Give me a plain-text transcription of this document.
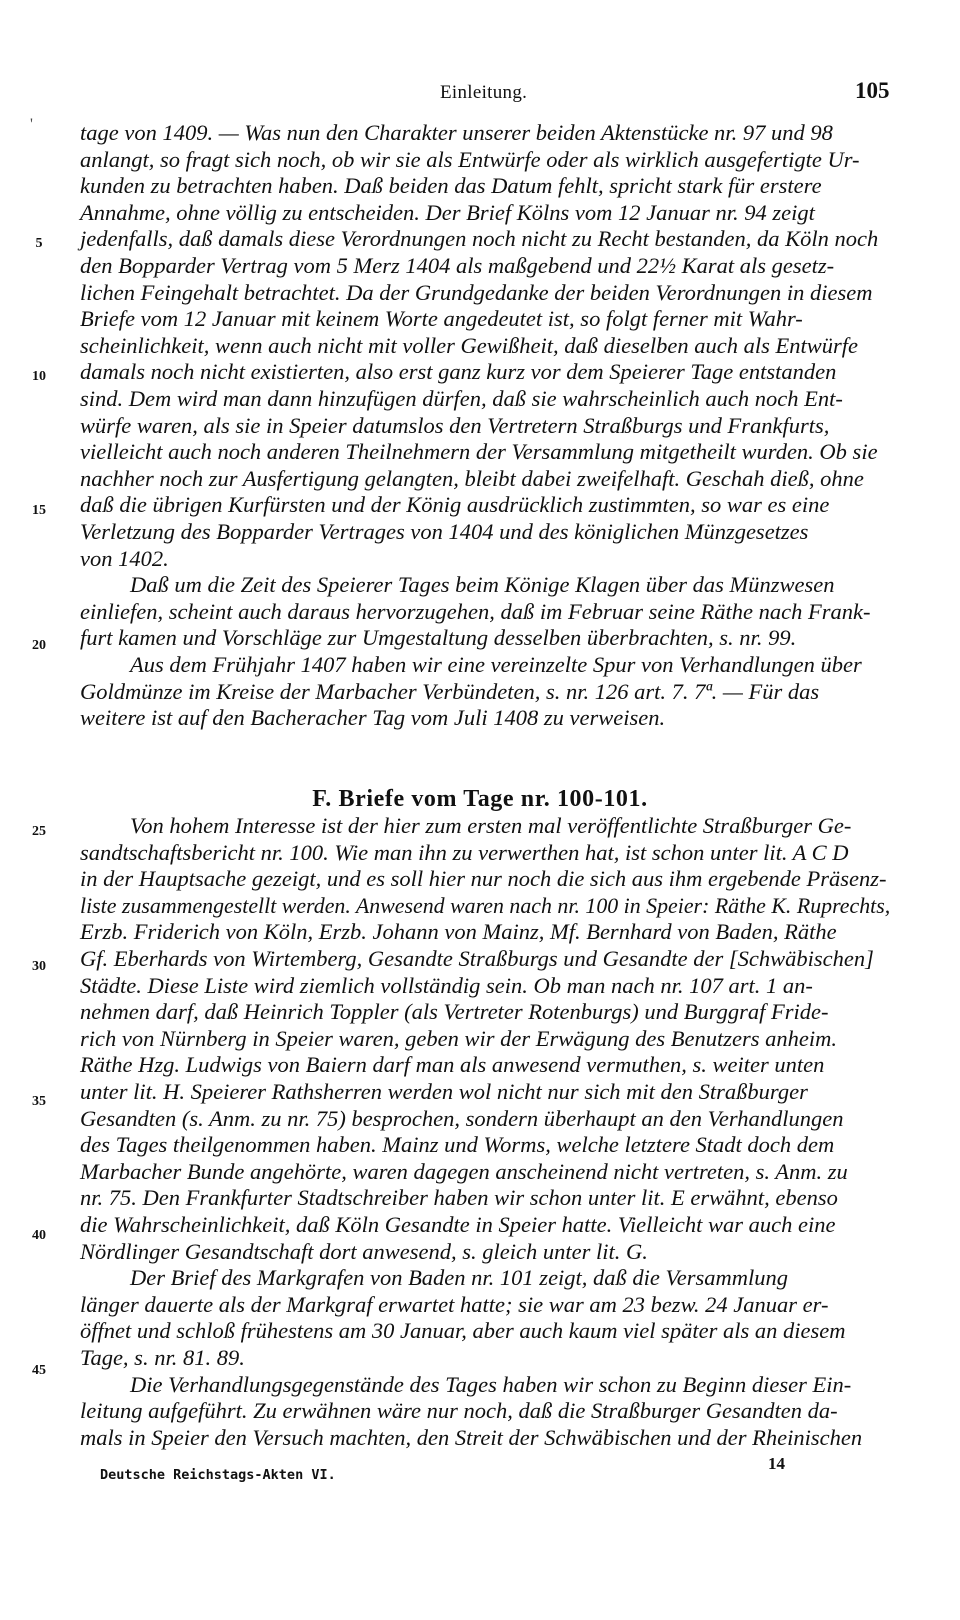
Einleitung.	105
'
5
10
15
20
25
30
35
40
45
tage von 1409. — Was nun den Charakter unserer beiden Aktenstücke nr. 97 und 98
anlangt, so fragt sich noch, ob wir sie als Entwürfe oder als wirklich ausgefertigte Ur-
kunden zu betrachten haben. Daß beiden das Datum fehlt, spricht stark für erstere
Annahme, ohne völlig zu entscheiden. Der Brief Kölns vom 12 Januar nr. 94 zeigt
jedenfalls, daß damals diese Verordnungen noch nicht zu Recht bestanden, da Köln noch
den Bopparder Vertrag vom 5 Merz 1404 als maßgebend und 22½ Karat als gesetz-
lichen Feingehalt betrachtet. Da der Grundgedanke der beiden Verordnungen in diesem
Briefe vom 12 Januar mit keinem Worte angedeutet ist, so folgt ferner mit Wahr-
scheinlichkeit, wenn auch nicht mit voller Gewißheit, daß dieselben auch als Entwürfe
damals noch nicht existierten, also erst ganz kurz vor dem Speierer Tage entstanden
sind. Dem wird man dann hinzufügen dürfen, daß sie wahrscheinlich auch noch Ent-
würfe waren, als sie in Speier datumslos den Vertretern Straßburgs und Frankfurts,
vielleicht auch noch anderen Theilnehmern der Versammlung mitgetheilt wurden. Ob sie
nachher noch zur Ausfertigung gelangten, bleibt dabei zweifelhaft. Geschah dieß, ohne
daß die übrigen Kurfürsten und der König ausdrücklich zustimmten, so war es eine
Verletzung des Bopparder Vertrages von 1404 und des königlichen Münzgesetzes
von 1402.
Daß um die Zeit des Speierer Tages beim Könige Klagen über das Münzwesen
einliefen, scheint auch daraus hervorzugehen, daß im Februar seine Räthe nach Frank-
furt kamen und Vorschläge zur Umgestaltung desselben überbrachten, s. nr. 99.
Aus dem Frühjahr 1407 haben wir eine vereinzelte Spur von Verhandlungen über
Goldmünze im Kreise der Marbacher Verbündeten, s. nr. 126 art. 7. 7ª. — Für das
weitere ist auf den Bacheracher Tag vom Juli 1408 zu verweisen.
F. Briefe vom Tage nr. 100-101.
Von hohem Interesse ist der hier zum ersten mal veröffentlichte Straßburger Ge-
sandtschaftsbericht nr. 100. Wie man ihn zu verwerthen hat, ist schon unter lit. A C D
in der Hauptsache gezeigt, und es soll hier nur noch die sich aus ihm ergebende Präsenz-
liste zusammengestellt werden. Anwesend waren nach nr. 100 in Speier: Räthe K. Ruprechts,
Erzb. Friderich von Köln, Erzb. Johann von Mainz, Mf. Bernhard von Baden, Räthe
Gf. Eberhards von Wirtemberg, Gesandte Straßburgs und Gesandte der [Schwäbischen]
Städte. Diese Liste wird ziemlich vollständig sein. Ob man nach nr. 107 art. 1 an-
nehmen darf, daß Heinrich Toppler (als Vertreter Rotenburgs) und Burggraf Fride-
rich von Nürnberg in Speier waren, geben wir der Erwägung des Benutzers anheim.
Räthe Hzg. Ludwigs von Baiern darf man als anwesend vermuthen, s. weiter unten
unter lit. H. Speierer Rathsherren werden wol nicht nur sich mit den Straßburger
Gesandten (s. Anm. zu nr. 75) besprochen, sondern überhaupt an den Verhandlungen
des Tages theilgenommen haben. Mainz und Worms, welche letztere Stadt doch dem
Marbacher Bunde angehörte, waren dagegen anscheinend nicht vertreten, s. Anm. zu
nr. 75. Den Frankfurter Stadtschreiber haben wir schon unter lit. E erwähnt, ebenso
die Wahrscheinlichkeit, daß Köln Gesandte in Speier hatte. Vielleicht war auch eine
Nördlinger Gesandtschaft dort anwesend, s. gleich unter lit. G.
Der Brief des Markgrafen von Baden nr. 101 zeigt, daß die Versammlung
länger dauerte als der Markgraf erwartet hatte; sie war am 23 bezw. 24 Januar er-
öffnet und schloß frühestens am 30 Januar, aber auch kaum viel später als an diesem
Tage, s. nr. 81. 89.
Die Verhandlungsgegenstände des Tages haben wir schon zu Beginn dieser Ein-
leitung aufgeführt. Zu erwähnen wäre nur noch, daß die Straßburger Gesandten da-
mals in Speier den Versuch machten, den Streit der Schwäbischen und der Rheinischen
Deutsche Reichstags-Akten VI.
14
